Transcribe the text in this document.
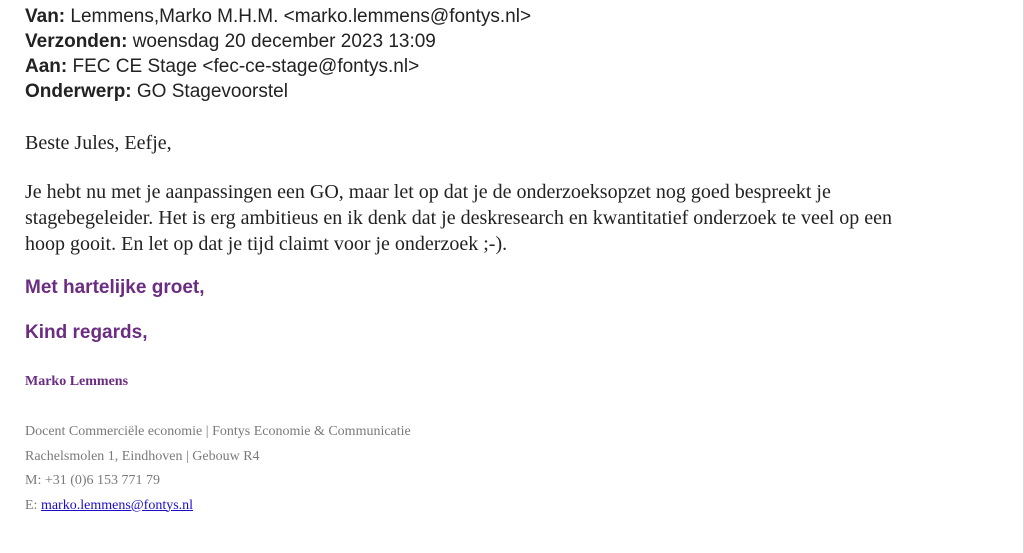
Van: Lemmens,Marko M.H.M. <marko.lemmens@fontys.nl>
Verzonden: woensdag 20 december 2023 13:09
Aan: FEC CE Stage <fec-ce-stage@fontys.nl>
Onderwerp: GO Stagevoorstel

Beste Jules, Eefje,

Je hebt nu met je aanpassingen een GO, maar let op dat je de onderzoeksopzet nog goed bespreekt je
stagebegeleider. Het is erg ambitieus en ik denk dat je deskresearch en kwantitatief onderzoek te veel op een
hoop gooit. En let op dat je tijd claimt voor je onderzoek ;-).

Met hartelijke groet,
Kind regards,
Marko Lemmens
Docent Commerciële economie | Fontys Economie & Communicatie
Rachelsmolen 1, Eindhoven | Gebouw R4
M: +31 (0)6 153 771 79
E: marko.lemmens@fontys.nl
